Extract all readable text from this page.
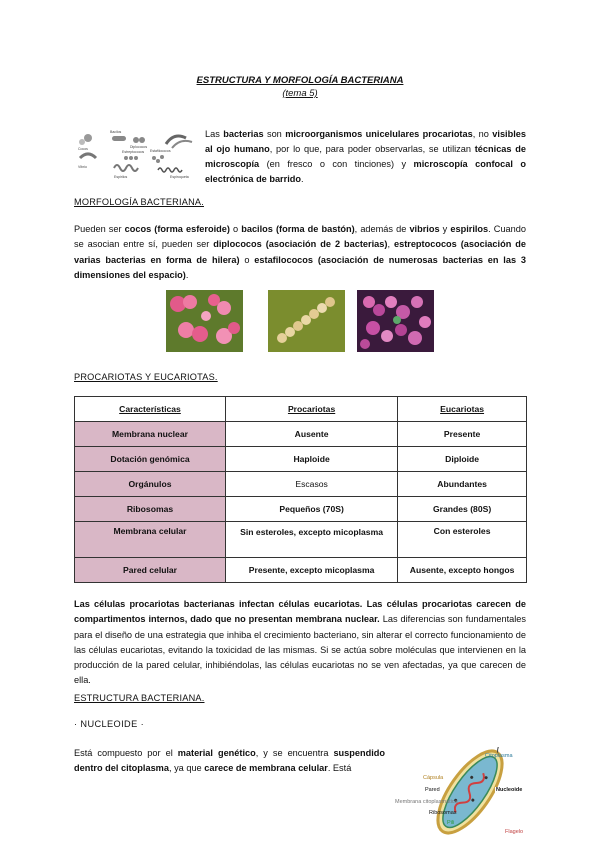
ESTRUCTURA Y MORFOLOGÍA BACTERIANA
(tema 5)
Cocos
Bacilos
Diplococos
Estreptococos
Vibrio
Estafilococos
Espirilos	Espiroqueta
Las bacterias son microorganismos unicelulares procariotas, no visibles al ojo humano, por lo que, para poder observarlas, se utilizan técnicas de microscopía (en fresco o con tinciones) y microscopía confocal o electrónica de barrido.
MORFOLOGÍA BACTERIANA.
Pueden ser cocos (forma esferoide) o bacilos (forma de bastón), además de vibrios y espirilos. Cuando se asocian entre sí, pueden ser diplococos (asociación de 2 bacterias), estreptococos (asociación de varias bacterias en forma de hilera) o estafilococos (asociación de numerosas bacterias en las 3 dimensiones del espacio).
PROCARIOTAS Y EUCARIOTAS.
Características	Procariotas	Eucariotas
Membrana nuclear	Ausente	Presente
Dotación genómica	Haploide	Diploide
Orgánulos	Escasos	Abundantes
Ribosomas	Pequeños (70S)	Grandes (80S)
Membrana celular	Sin esteroles, excepto micoplasma	Con esteroles
Pared celular	Presente, excepto micoplasma	Ausente, excepto hongos
Las células procariotas bacterianas infectan células eucariotas. Las células procariotas carecen de compartimentos internos, dado que no presentan membrana nuclear. Las diferencias son fundamentales para el diseño de una estrategia que inhiba el crecimiento bacteriano, sin alterar el correcto funcionamiento de las células eucariotas, evitando la toxicidad de las mismas. Si se actúa sobre moléculas que intervienen en la producción de la pared celular, inhibiéndolas, las células eucariotas no se ven afectadas, ya que carecen de ella.
ESTRUCTURA BACTERIANA.
· NUCLEOIDE ·
Está compuesto por el material genético, y se encuentra suspendido dentro del citoplasma, ya que carece de membrana celular. Está
Citoplasma
Cápsula
Pared	Nucleoide
Membrana citoplasmática
Ribosomas
Pili
Flagelo
